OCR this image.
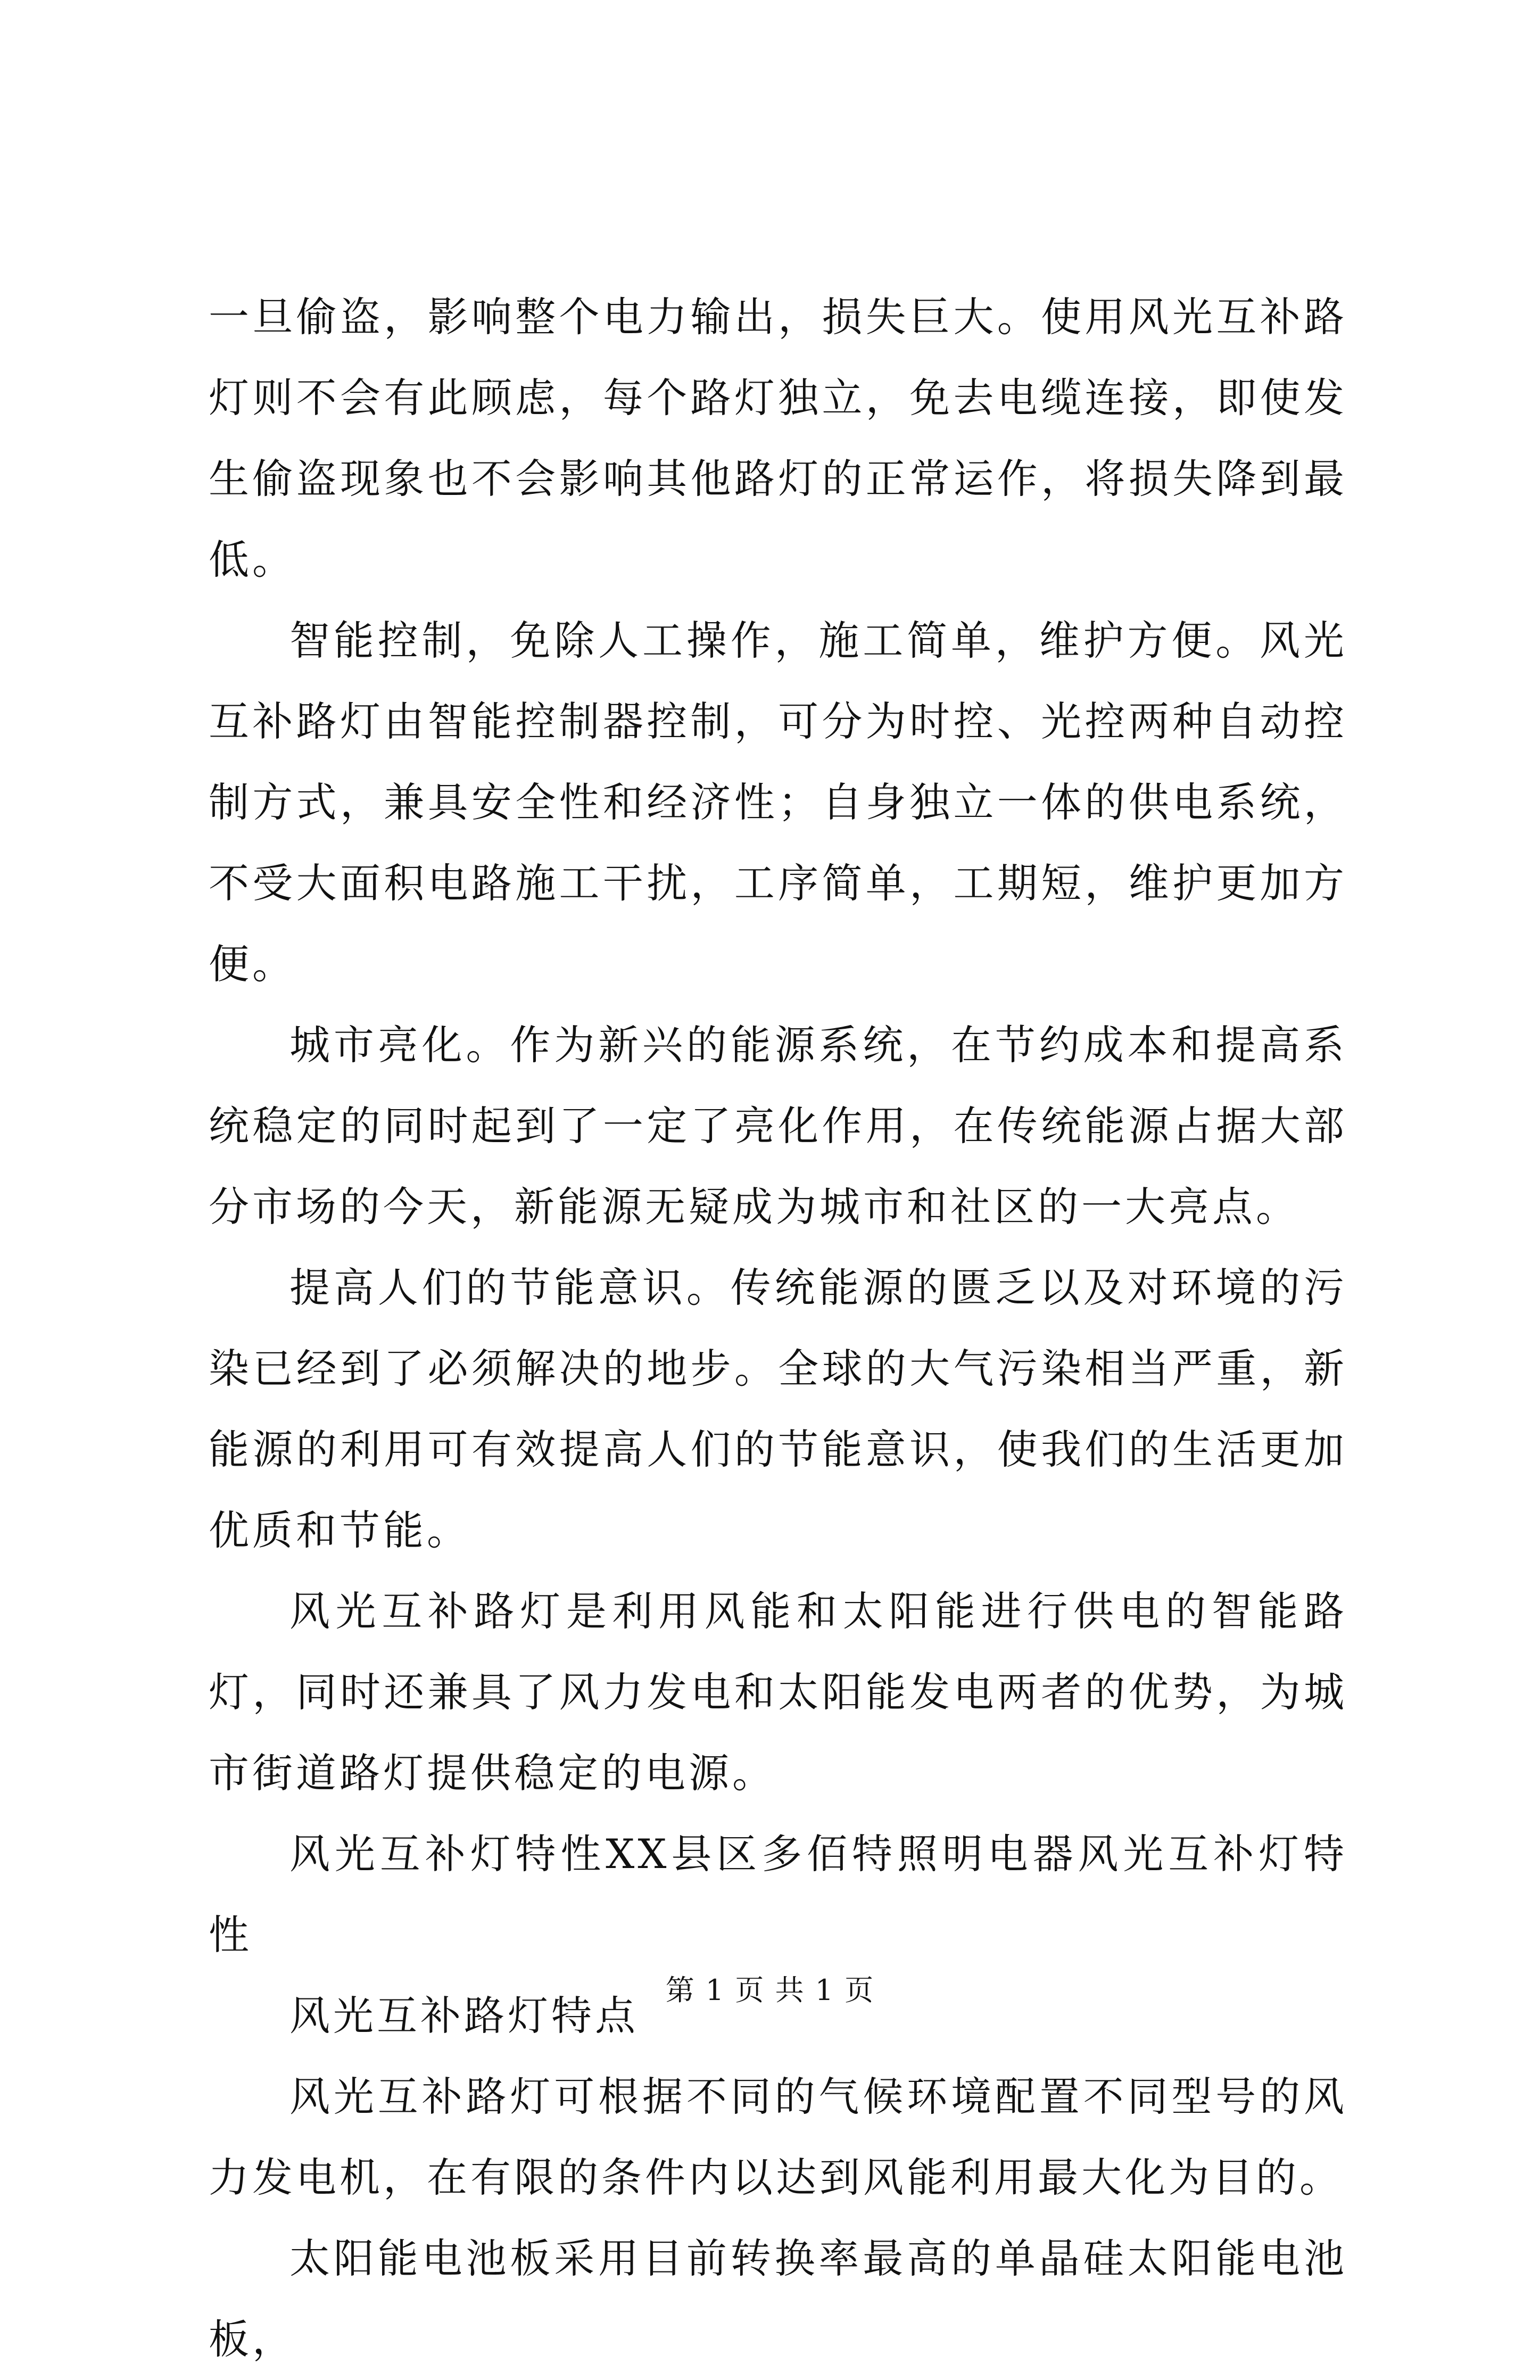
一旦偷盗，影响整个电力输出，损失巨大。使用风光互补路灯则不会有此顾虑，每个路灯独立，免去电缆连接，即使发生偷盗现象也不会影响其他路灯的正常运作，将损失降到最低。

智能控制，免除人工操作，施工简单，维护方便。风光互补路灯由智能控制器控制，可分为时控、光控两种自动控制方式，兼具安全性和经济性；自身独立一体的供电系统，不受大面积电路施工干扰，工序简单，工期短，维护更加方便。

城市亮化。作为新兴的能源系统，在节约成本和提高系统稳定的同时起到了一定了亮化作用，在传统能源占据大部分市场的今天，新能源无疑成为城市和社区的一大亮点。

提高人们的节能意识。传统能源的匮乏以及对环境的污染已经到了必须解决的地步。全球的大气污染相当严重，新能源的利用可有效提高人们的节能意识，使我们的生活更加优质和节能。

风光互补路灯是利用风能和太阳能进行供电的智能路灯，同时还兼具了风力发电和太阳能发电两者的优势，为城市街道路灯提供稳定的电源。

风光互补灯特性XX县区多佰特照明电器风光互补灯特性

风光互补路灯特点

风光互补路灯可根据不同的气候环境配置不同型号的风力发电机，在有限的条件内以达到风能利用最大化为目的。

太阳能电池板采用目前转换率最高的单晶硅太阳能电池板，

第 1 页 共 1 页
